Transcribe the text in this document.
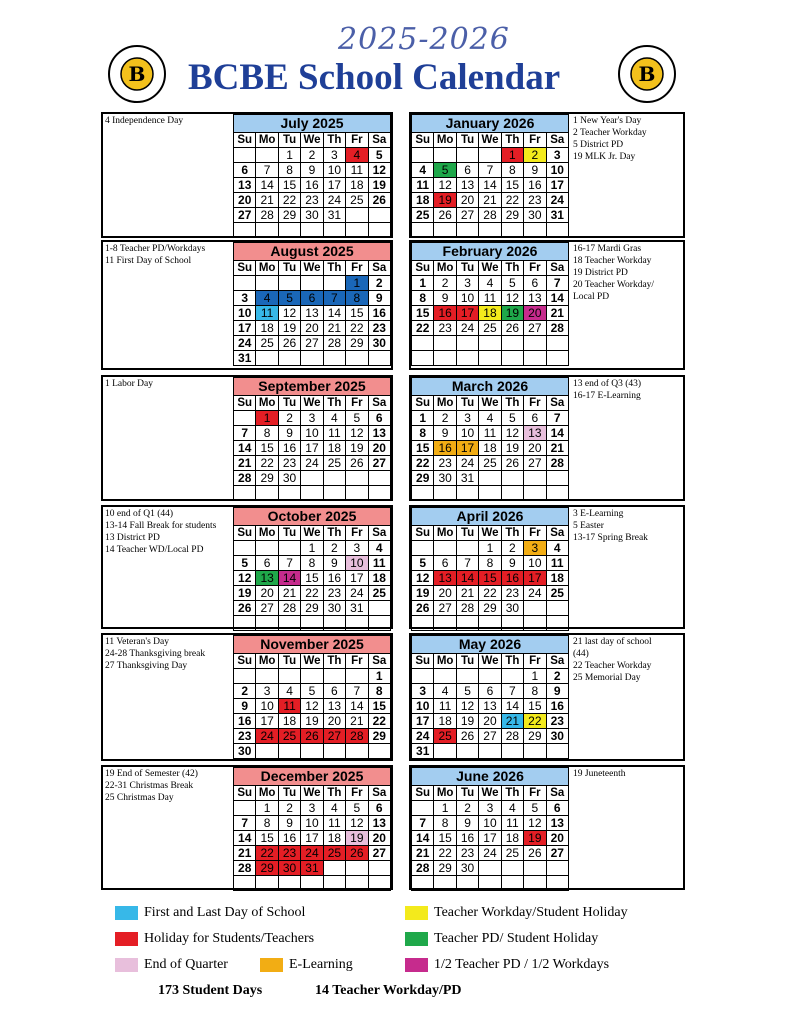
2025-2026
BCBE School Calendar
B	B
July 2025						
Su	Mo	Tu	We	Th	Fr	Sa
		1	2	3	4	5
6	7	8	9	10	11	12
13	14	15	16	17	18	19
20	21	22	23	24	25	26
27	28	29	30	31		

4 Independence Day	January 2026						
Su	Mo	Tu	We	Th	Fr	Sa
				1	2	3
4	5	6	7	8	9	10
11	12	13	14	15	16	17
18	19	20	21	22	23	24
25	26	27	28	29	30	31

1 New Year's Day
2 Teacher Workday
5 District PD
19 MLK Jr. Day
August 2025						
Su	Mo	Tu	We	Th	Fr	Sa
					1	2
3	4	5	6	7	8	9
10	11	12	13	14	15	16
17	18	19	20	21	22	23
24	25	26	27	28	29	30
31						
1-8 Teacher PD/Workdays
11 First Day of School
February 2026						
Su	Mo	Tu	We	Th	Fr	Sa
1	2	3	4	5	6	7
8	9	10	11	12	13	14
15	16	17	18	19	20	21
22	23	24	25	26	27	28

16-17 Mardi Gras
18 Teacher Workday
19 District PD
20 Teacher Workday/
Local PD
September 2025						
Su	Mo	Tu	We	Th	Fr	Sa
	1	2	3	4	5	6
7	8	9	10	11	12	13
14	15	16	17	18	19	20
21	22	23	24	25	26	27
28	29	30				

1 Labor Day	March 2026						
Su	Mo	Tu	We	Th	Fr	Sa
1	2	3	4	5	6	7
8	9	10	11	12	13	14
15	16	17	18	19	20	21
22	23	24	25	26	27	28
29	30	31				

13 end of Q3 (43)
16-17 E-Learning
October 2025						
Su	Mo	Tu	We	Th	Fr	Sa
			1	2	3	4
5	6	7	8	9	10	11
12	13	14	15	16	17	18
19	20	21	22	23	24	25
26	27	28	29	30	31	

10 end of Q1 (44)
13-14 Fall Break for students
13 District PD
14 Teacher WD/Local PD
April 2026						
Su	Mo	Tu	We	Th	Fr	Sa
			1	2	3	4
5	6	7	8	9	10	11
12	13	14	15	16	17	18
19	20	21	22	23	24	25
26	27	28	29	30		

3 E-Learning
5 Easter
13-17 Spring Break
November 2025						
Su	Mo	Tu	We	Th	Fr	Sa
						1
2	3	4	5	6	7	8
9	10	11	12	13	14	15
16	17	18	19	20	21	22
23	24	25	26	27	28	29
30						
11 Veteran's Day
24-28 Thanksgiving break
27 Thanksgiving Day
May 2026						
Su	Mo	Tu	We	Th	Fr	Sa
					1	2
3	4	5	6	7	8	9
10	11	12	13	14	15	16
17	18	19	20	21	22	23
24	25	26	27	28	29	30
31						
21 last day of school
(44)
22 Teacher Workday
25 Memorial Day
December 2025						
Su	Mo	Tu	We	Th	Fr	Sa
	1	2	3	4	5	6
7	8	9	10	11	12	13
14	15	16	17	18	19	20
21	22	23	24	25	26	27
28	29	30	31			

19 End of Semester (42)
22-31 Christmas Break
25 Christmas Day
June 2026						
Su	Mo	Tu	We	Th	Fr	Sa
	1	2	3	4	5	6
7	8	9	10	11	12	13
14	15	16	17	18	19	20
21	22	23	24	25	26	27
28	29	30				

19 Juneteenth
First and Last Day of School	Teacher Workday/Student Holiday
Holiday for Students/Teachers	Teacher PD/ Student Holiday
End of Quarter	E-Learning	1/2 Teacher PD / 1/2 Workdays
173 Student Days	14 Teacher Workday/PD
